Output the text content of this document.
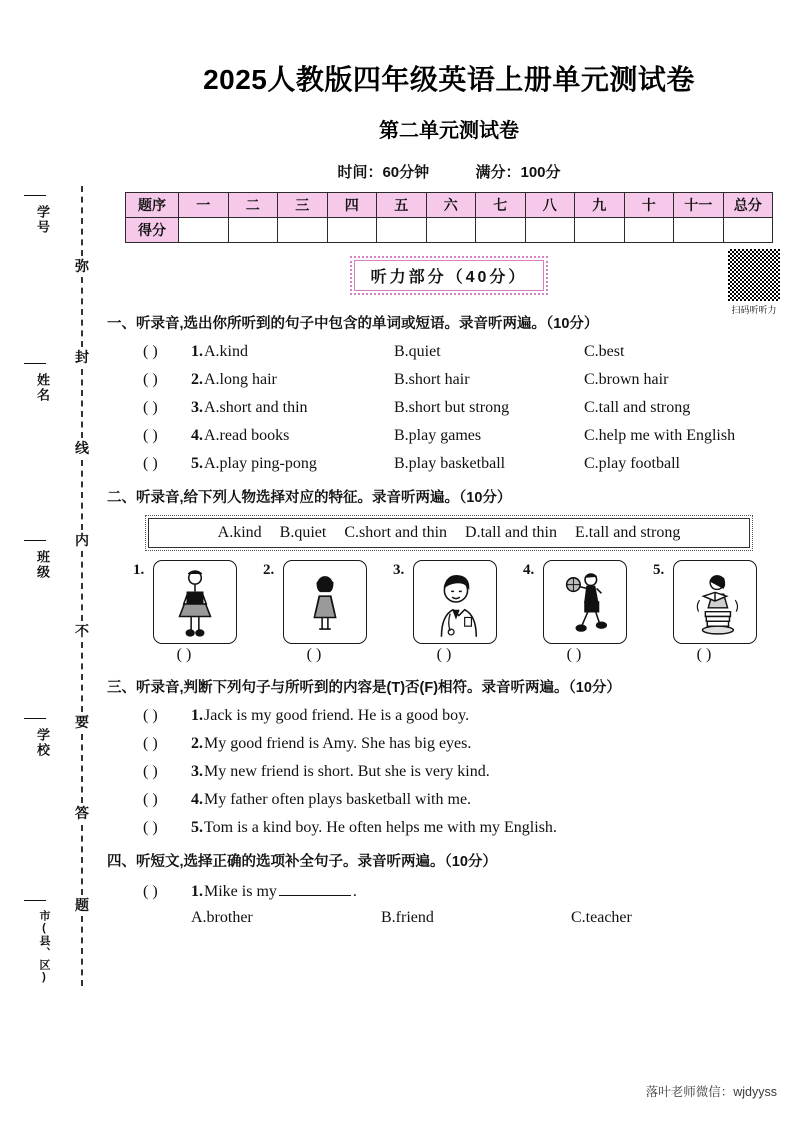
学号
姓名
班级
学校
市(县、区)
弥
封
线
内
不
要
答
题
2025人教版四年级英语上册单元测试卷
第二单元测试卷
时间：60分钟	满分：100分
题序	一	二	三	四	五	六	七	八	九	十	十一	总分
得分												
听力部分（40分）
扫码听听力
一、听录音,选出你所听到的句子中包含的单词或短语。录音听两遍。（10分）
( )	1. A.kind	B.quiet	C.best
( )	2. A.long hair	B.short hair	C.brown hair
( )	3. A.short and thin	B.short but strong	C.tall and strong
( )	4. A.read books	B.play games	C.help me with English
( )	5. A.play ping-pong	B.play basketball	C.play football
二、听录音,给下列人物选择对应的特征。录音听两遍。（10分）
A.kind B.quiet C.short and thin D.tall and thin E.tall and strong
1.
( )
2.
( )
3.
( )
4.
( )
5.
( )
三、听录音,判断下列句子与所听到的内容是(T)否(F)相符。录音听两遍。（10分）
( )	1. Jack is my good friend. He is a good boy.
( )	2. My good friend is Amy. She has big eyes.
( )	3. My new friend is short. But she is very kind.
( )	4. My father often plays basketball with me.
( )	5. Tom is a kind boy. He often helps me with my English.
四、听短文,选择正确的选项补全句子。录音听两遍。（10分）
( )	1. Mike is my	.
A.brother	B.friend	C.teacher
落叶老师微信：wjdyyss
